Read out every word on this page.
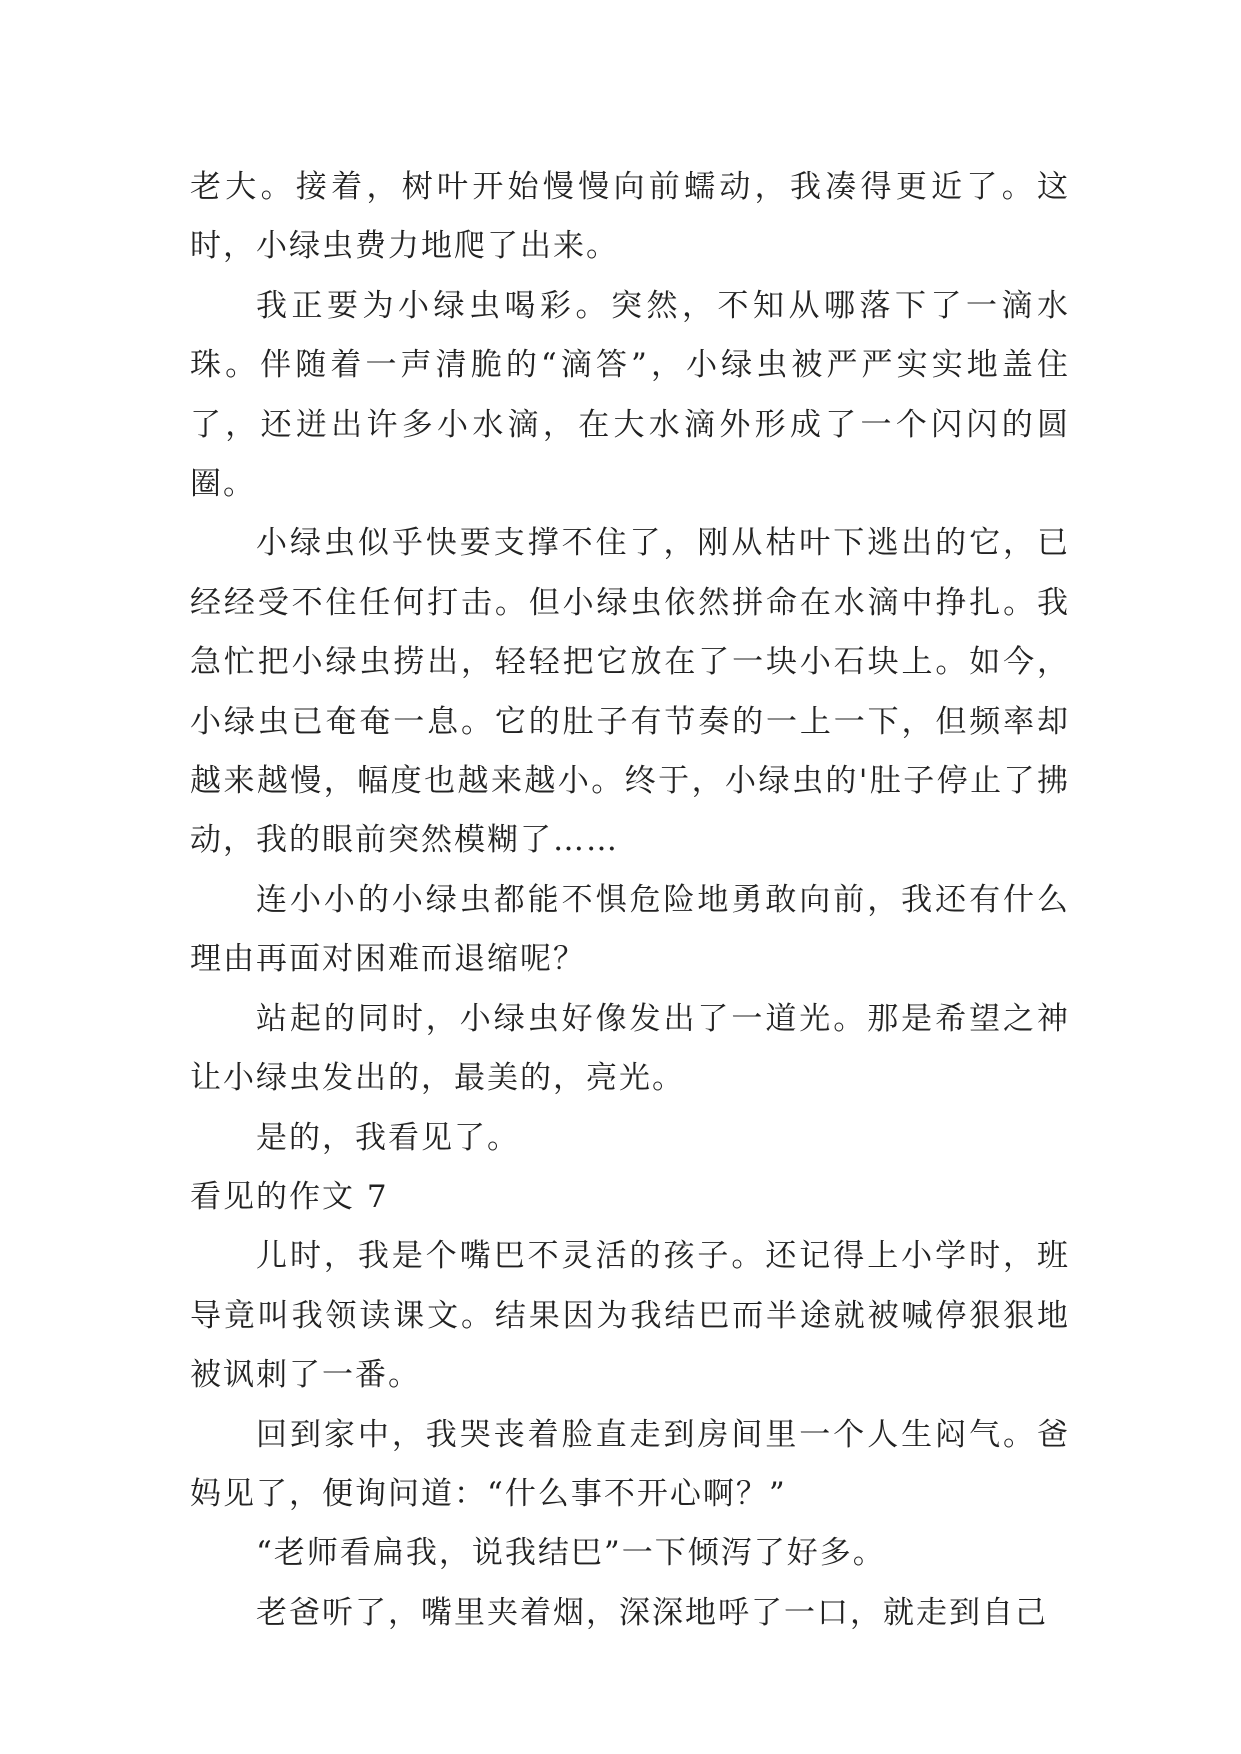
老大。接着，树叶开始慢慢向前蠕动，我凑得更近了。这时，小绿虫费力地爬了出来。

我正要为小绿虫喝彩。突然，不知从哪落下了一滴水珠。伴随着一声清脆的“滴答”，小绿虫被严严实实地盖住了，还迸出许多小水滴，在大水滴外形成了一个闪闪的圆圈。

小绿虫似乎快要支撑不住了，刚从枯叶下逃出的它，已经经受不住任何打击。但小绿虫依然拼命在水滴中挣扎。我急忙把小绿虫捞出，轻轻把它放在了一块小石块上。如今，小绿虫已奄奄一息。它的肚子有节奏的一上一下，但频率却越来越慢，幅度也越来越小。终于，小绿虫的'肚子停止了拂动，我的眼前突然模糊了……

连小小的小绿虫都能不惧危险地勇敢向前，我还有什么理由再面对困难而退缩呢？

站起的同时，小绿虫好像发出了一道光。那是希望之神让小绿虫发出的，最美的，亮光。

是的，我看见了。

看见的作文 7

儿时，我是个嘴巴不灵活的孩子。还记得上小学时，班导竟叫我领读课文。结果因为我结巴而半途就被喊停狠狠地被讽刺了一番。

回到家中，我哭丧着脸直走到房间里一个人生闷气。爸妈见了，便询问道：“什么事不开心啊？”

“老师看扁我，说我结巴”一下倾泻了好多。

老爸听了，嘴里夹着烟，深深地呼了一口，就走到自己
